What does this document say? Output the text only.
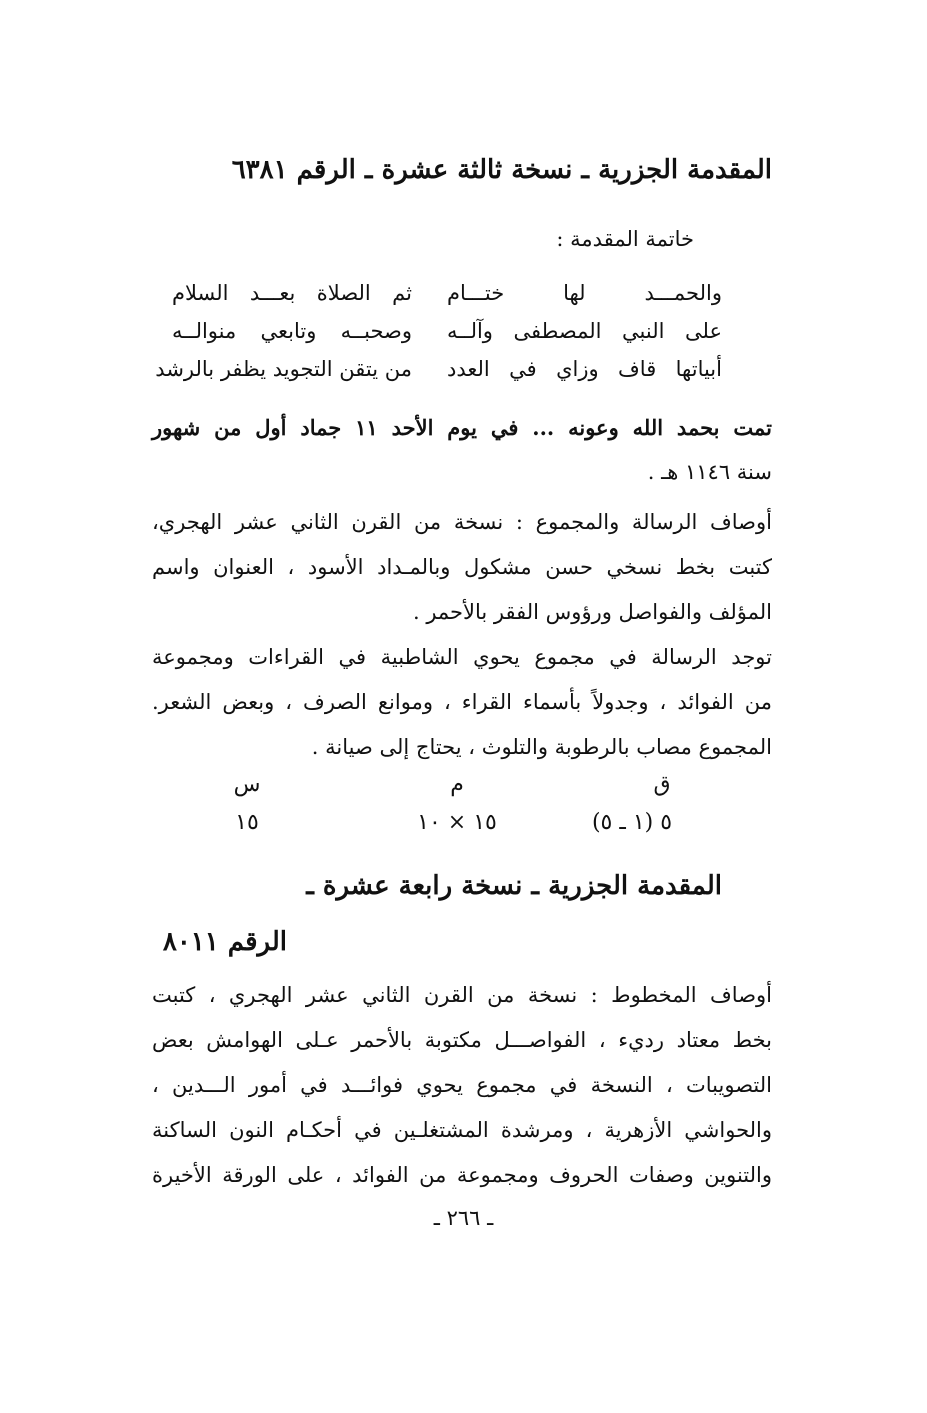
المقدمة الجزرية ـ نسخة ثالثة عشرة ـ الرقم ٦٣٨١
خاتمة المقدمة :
والحمـــد لها ختـــام
ثم الصلاة بعـــد السلام
على النبي المصطفى وآلــه
وصحبــه وتابعي منوالــه
أبياتها قاف وزاي في العدد
من يتقن التجويد يظفر بالرشد
تمت بحمد الله وعونه ... في يوم الأحد ١١ جماد أول من شهور
سنة ١١٤٦ هـ .
أوصاف الرسالة والمجموع : نسخة من القرن الثاني عشر الهجري،
كتبت بخط نسخي حسن مشكول وبالمـداد الأسود ، العنوان واسم
المؤلف والفواصل ورؤوس الفقر بالأحمر .
توجد الرسالة في مجموع يحوي الشاطبية في القراءات ومجموعة
من الفوائد ، وجدولاً بأسماء القراء ، وموانع الصرف ، وبعض الشعر.
المجموع مصاب بالرطوبة والتلوث ، يحتاج إلى صيانة .
ق
م
س
٥ (١ ـ ٥)
١٥ × ١٠
١٥
المقدمة الجزرية ـ نسخة رابعة عشرة ـ
الرقم ٨٠١١
أوصاف المخطوط : نسخة من القرن الثاني عشر الهجري ، كتبت
بخط معتاد رديء ، الفواصـــل مكتوبة بالأحمر عـلى الهوامش بعض
التصويبات ، النسخة في مجموع يحوي فوائـــد في أمور الـــدين ،
والحواشي الأزهرية ، ومرشدة المشتغلـين في أحكـام النون الساكنة
والتنوين وصفات الحروف ومجموعة من الفوائد ، على الورقة الأخيرة
ـ ٢٦٦ ـ
